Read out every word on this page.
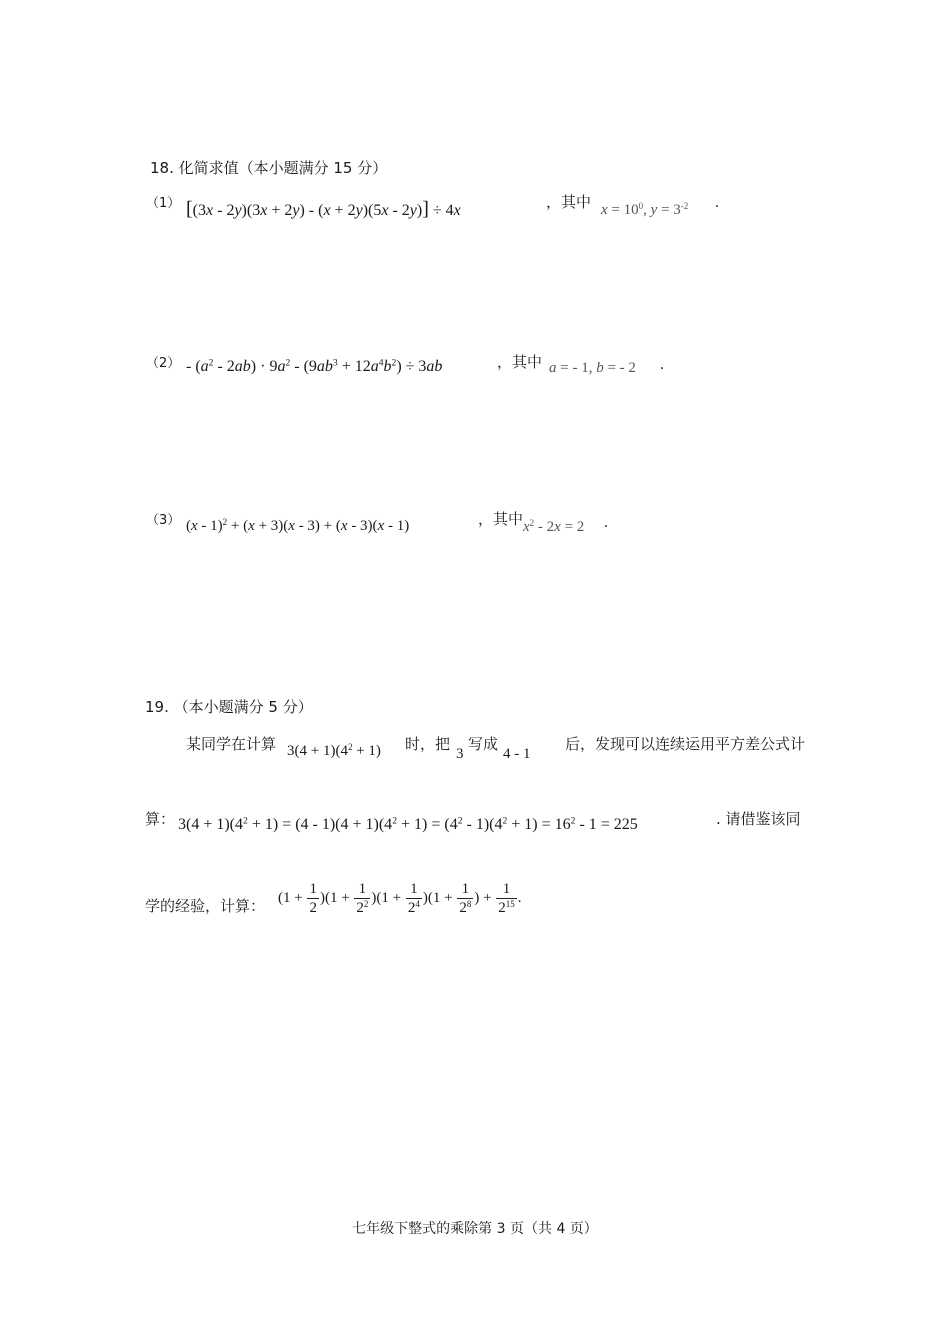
18. 化简求值（本小题满分 15 分）
（1） [(3x - 2y)(3x + 2y) - (x + 2y)(5x - 2y)] ÷ 4x	，其中 $x = 10^0$, $y = 3^{-2}$ .
$(2) - (a^2 - 2ab) \cdot 9a^2 - (9ab^3 + 12a^4b^2) \div 3ab$	，其中 a = - 1, b = - 2 .
（3） (x - 1)$^2$ + (x + 3)(x - 3) + (x - 3)(x - 1)	，其中 $x^2 - 2x = 2$ .
19. （本小题满分 5 分）
某同学在计算 $3(4 + 1)(4^2 + 1)$ 时，把
3
写成
4 - 1
后，发现可以连续运用平方差公式计
算： $3(4 + 1)(4^2 + 1) = (4 - 1)(4 + 1)(4^2 + 1) = (4^2 - 1)(4^2 + 1) = 16^2 - 1 = 225$	. 请借鉴该同
学的经验，计算： $(1 + \frac{1}{2} )(1 + \frac{1}{2^2} )(1 + \frac{1}{2^4} )(1 + \frac{1}{2^8}$ ) + $\frac{1}{2^{15}}$ .
七年级下整式的乘除第 3 页（共 4 页）
